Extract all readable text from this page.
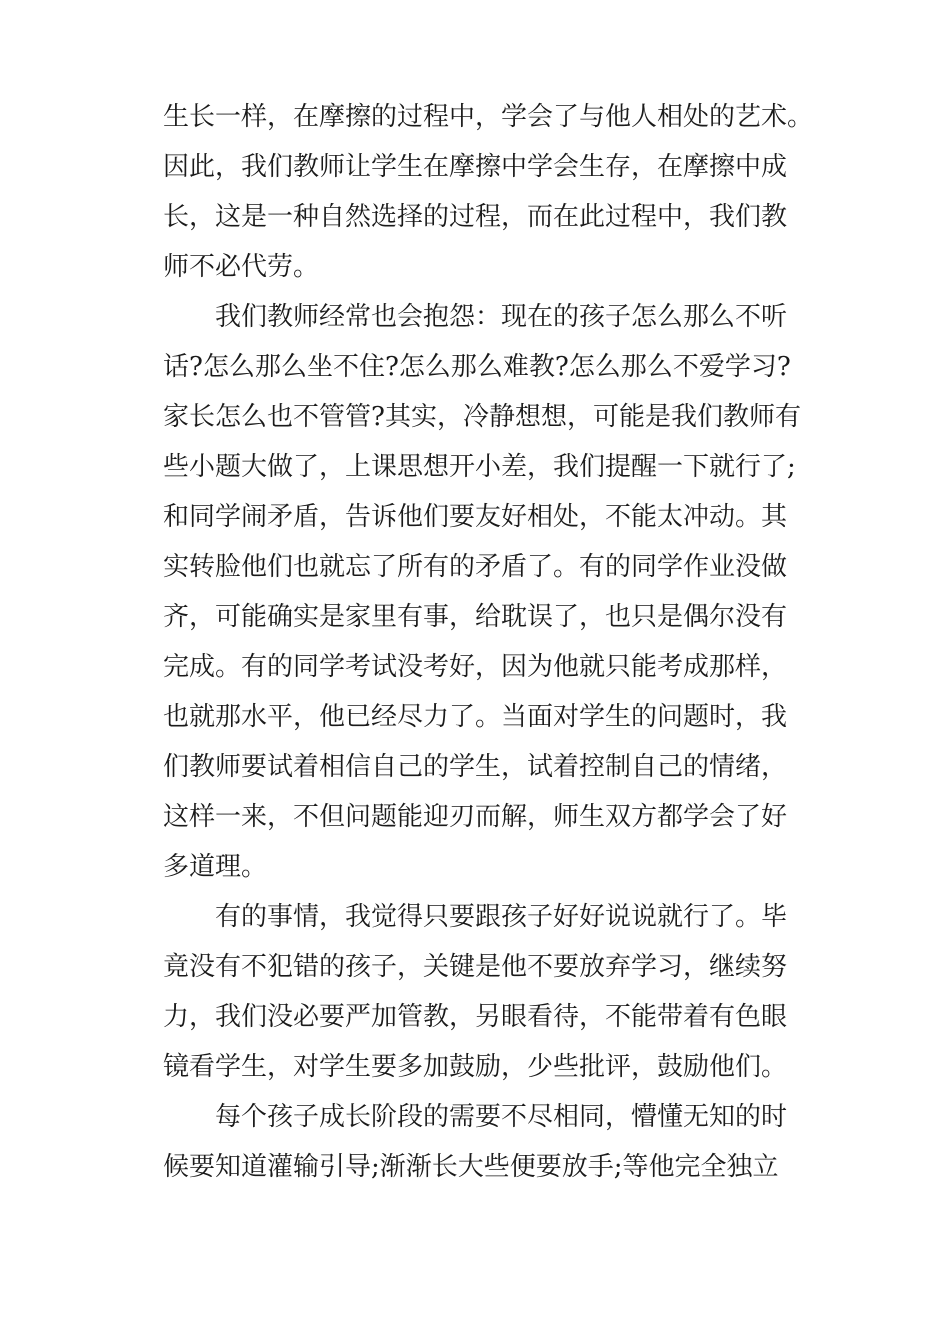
生长一样，在摩擦的过程中，学会了与他人相处的艺术。
因此，我们教师让学生在摩擦中学会生存，在摩擦中成
长，这是一种自然选择的过程，而在此过程中，我们教
师不必代劳。
　　我们教师经常也会抱怨：现在的孩子怎么那么不听
话?怎么那么坐不住?怎么那么难教?怎么那么不爱学习?
家长怎么也不管管?其实，冷静想想，可能是我们教师有
些小题大做了，上课思想开小差，我们提醒一下就行了;
和同学闹矛盾，告诉他们要友好相处，不能太冲动。其
实转脸他们也就忘了所有的矛盾了。有的同学作业没做
齐，可能确实是家里有事，给耽误了，也只是偶尔没有
完成。有的同学考试没考好，因为他就只能考成那样，
也就那水平，他已经尽力了。当面对学生的问题时，我
们教师要试着相信自己的学生，试着控制自己的情绪，
这样一来，不但问题能迎刃而解，师生双方都学会了好
多道理。
　　有的事情，我觉得只要跟孩子好好说说就行了。毕
竟没有不犯错的孩子，关键是他不要放弃学习，继续努
力，我们没必要严加管教，另眼看待，不能带着有色眼
镜看学生，对学生要多加鼓励，少些批评，鼓励他们。
　　每个孩子成长阶段的需要不尽相同，懵懂无知的时
候要知道灌输引导;渐渐长大些便要放手;等他完全独立
